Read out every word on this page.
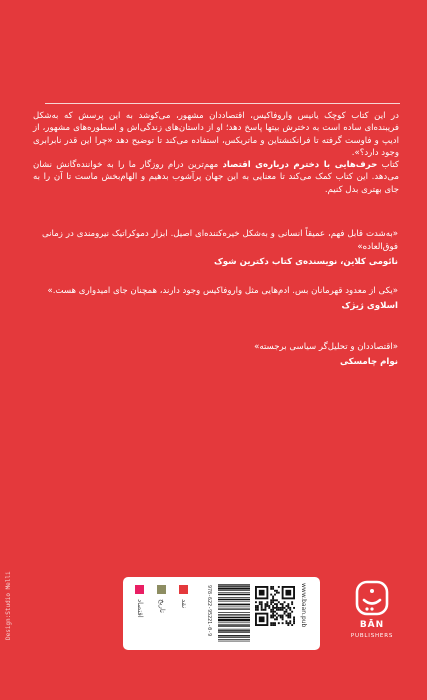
در این کتاب کوچک یانیس واروفاکیس، اقتصاددان مشهور، می‌کوشد به این پرسش که به‌شکل فریبنده‌ای ساده است به دخترش بیتها پاسخ دهد؛ او از داستان‌های زندگی‌اش و اسطوره‌های مشهور، از ادیپ و فاوست گرفته تا فرانکنشتاین و ماتریکس، استفاده می‌کند تا توضیح دهد «چرا این قدر نابرابری وجود دارد؟».

کتاب حرف‌هایی با دخترم درباره‌ی اقتصاد مهم‌ترین درام روزگار ما را به خواننده‌گانش نشان می‌دهد. این کتاب کمک می‌کند تا معنایی به این جهان پرآشوب بدهیم و الهام‌بخش ماست تا آن را به جای بهتری بدل کنیم.

«به‌شدت قابل فهم، عمیقاً انسانی و به‌شکل خیره‌کننده‌ای اصیل. ابزار دموکراتیک نیرومندی در زمانی فوق‌العاده»

نائومی کلاین، نویسنده‌ی کتاب دکترین شوک

«یکی از معدود قهرمانان بس. ادم‌هایی مثل واروفاکیس وجود دارند، همچنان جای امیدواری هست.»

اسلاوی ژیژک

«اقتصاددان و تحلیل‌گر سیاسی برجسته»

نوام چامسکی

Design:Studio Melli	اقتصاد تاریخ نقد	978-622-95221-0-9	www.baan.pub	BĀN
PUBLISHERS
